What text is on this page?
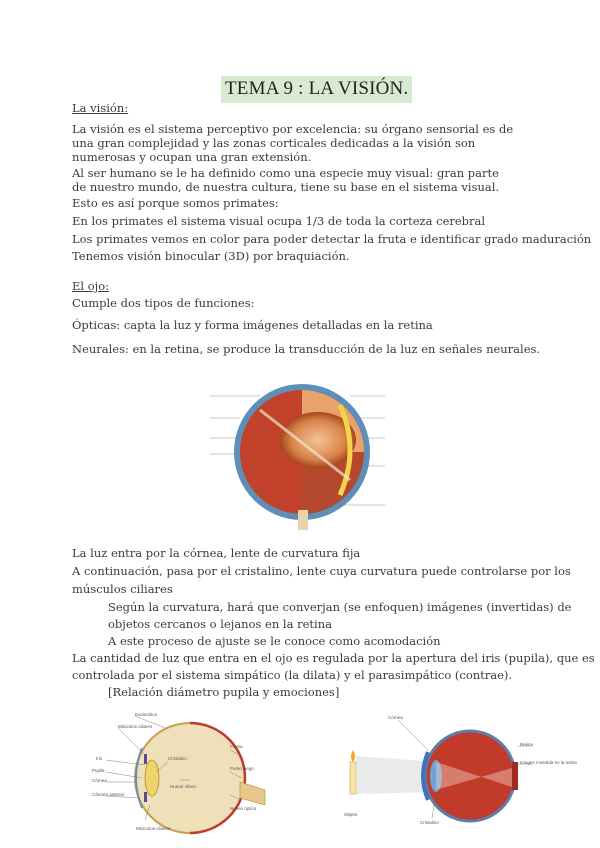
TEMA 9 : LA VISIÓN.
La visión:
La visión es el sistema perceptivo por excelencia: su órgano sensorial es de una gran complejidad y las zonas corticales dedicadas a la visión son numerosas y ocupan una gran extensión.
Al ser humano se le ha definido como una especie muy visual: gran parte de nuestro mundo, de nuestra cultura, tiene su base en el sistema visual.
Esto es así porque somos primates:
En los primates el sistema visual ocupa 1/3 de toda la corteza cerebral
Los primates vemos en color para poder detectar la fruta e identificar grado maduración
Tenemos visión binocular (3D) por braquiación.
El ojo:
Cumple dos tipos de funciones:
Ópticas: capta la luz y forma imágenes detalladas en la retina
Neurales: en la retina, se produce la transducción de la luz en señales neurales.
La luz entra por la córnea, lente de curvatura fija
A continuación, pasa por el cristalino, lente cuya curvatura puede controlarse por los
músculos ciliares
Según la curvatura, hará que converjan (se enfoquen) imágenes (invertidas) de
objetos cercanos o lejanos en la retina
A este proceso de ajuste se le conoce como acomodación
La cantidad de luz que entra en el ojo es regulada por la apertura del iris (pupila), que es
controlada por el sistema simpático (la dilata) y el parasimpático (contrae).
[Relación diámetro pupila y emociones]
Esclerótica
Músculos ciliares
Iris
Pupila
Córnea
Cámara anterior
Cristalino
Humor vítreo
Fóvea
Punto ciego
Nervio óptico
Músculos ciliares
Córnea
Objeto
Cristalino
Retina
Imagen invertida en la retina
